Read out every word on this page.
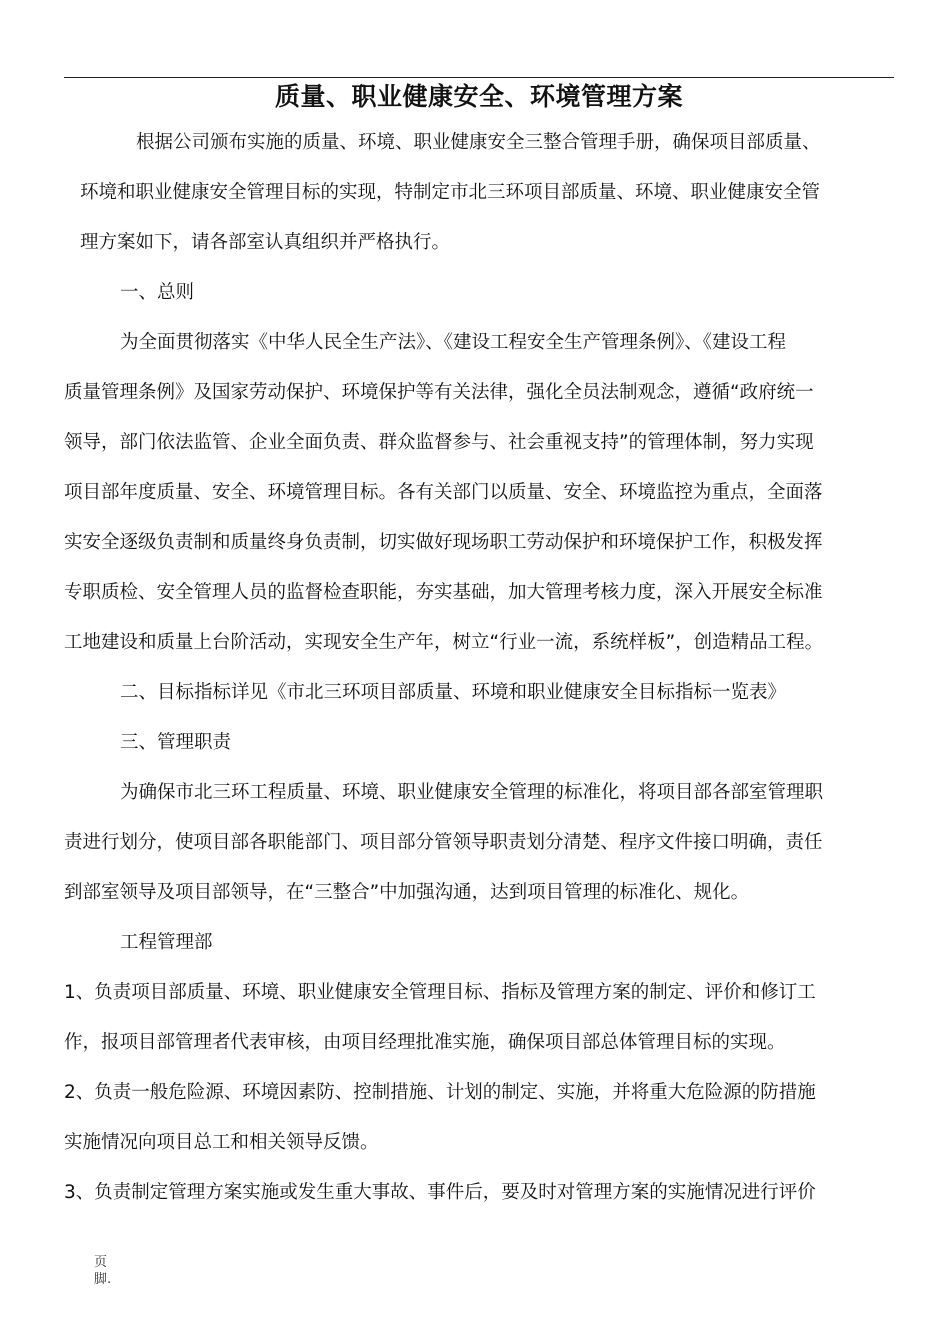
质量、职业健康安全、环境管理方案
根据公司颁布实施的质量、环境、职业健康安全三整合管理手册，确保项目部质量、
环境和职业健康安全管理目标的实现，特制定市北三环项目部质量、环境、职业健康安全管
理方案如下，请各部室认真组织并严格执行。
一、总则
为全面贯彻落实《中华人民全生产法》、《建设工程安全生产管理条例》、《建设工程
质量管理条例》及国家劳动保护、环境保护等有关法律，强化全员法制观念，遵循“政府统一
领导，部门依法监管、企业全面负责、群众监督参与、社会重视支持”的管理体制，努力实现
项目部年度质量、安全、环境管理目标。各有关部门以质量、安全、环境监控为重点，全面落
实安全逐级负责制和质量终身负责制，切实做好现场职工劳动保护和环境保护工作，积极发挥
专职质检、安全管理人员的监督检查职能，夯实基础，加大管理考核力度，深入开展安全标准
工地建设和质量上台阶活动，实现安全生产年，树立“行业一流，系统样板”，创造精品工程。
二、目标指标详见《市北三环项目部质量、环境和职业健康安全目标指标一览表》
三、管理职责
为确保市北三环工程质量、环境、职业健康安全管理的标准化，将项目部各部室管理职
责进行划分，使项目部各职能部门、项目部分管领导职责划分清楚、程序文件接口明确，责任
到部室领导及项目部领导，在“三整合”中加强沟通，达到项目管理的标准化、规化。
工程管理部
1、负责项目部质量、环境、职业健康安全管理目标、指标及管理方案的制定、评价和修订工
作，报项目部管理者代表审核，由项目经理批准实施，确保项目部总体管理目标的实现。
2、负责一般危险源、环境因素防、控制措施、计划的制定、实施，并将重大危险源的防措施
实施情况向项目总工和相关领导反馈。
3、负责制定管理方案实施或发生重大事故、事件后，要及时对管理方案的实施情况进行评价
页
脚.
